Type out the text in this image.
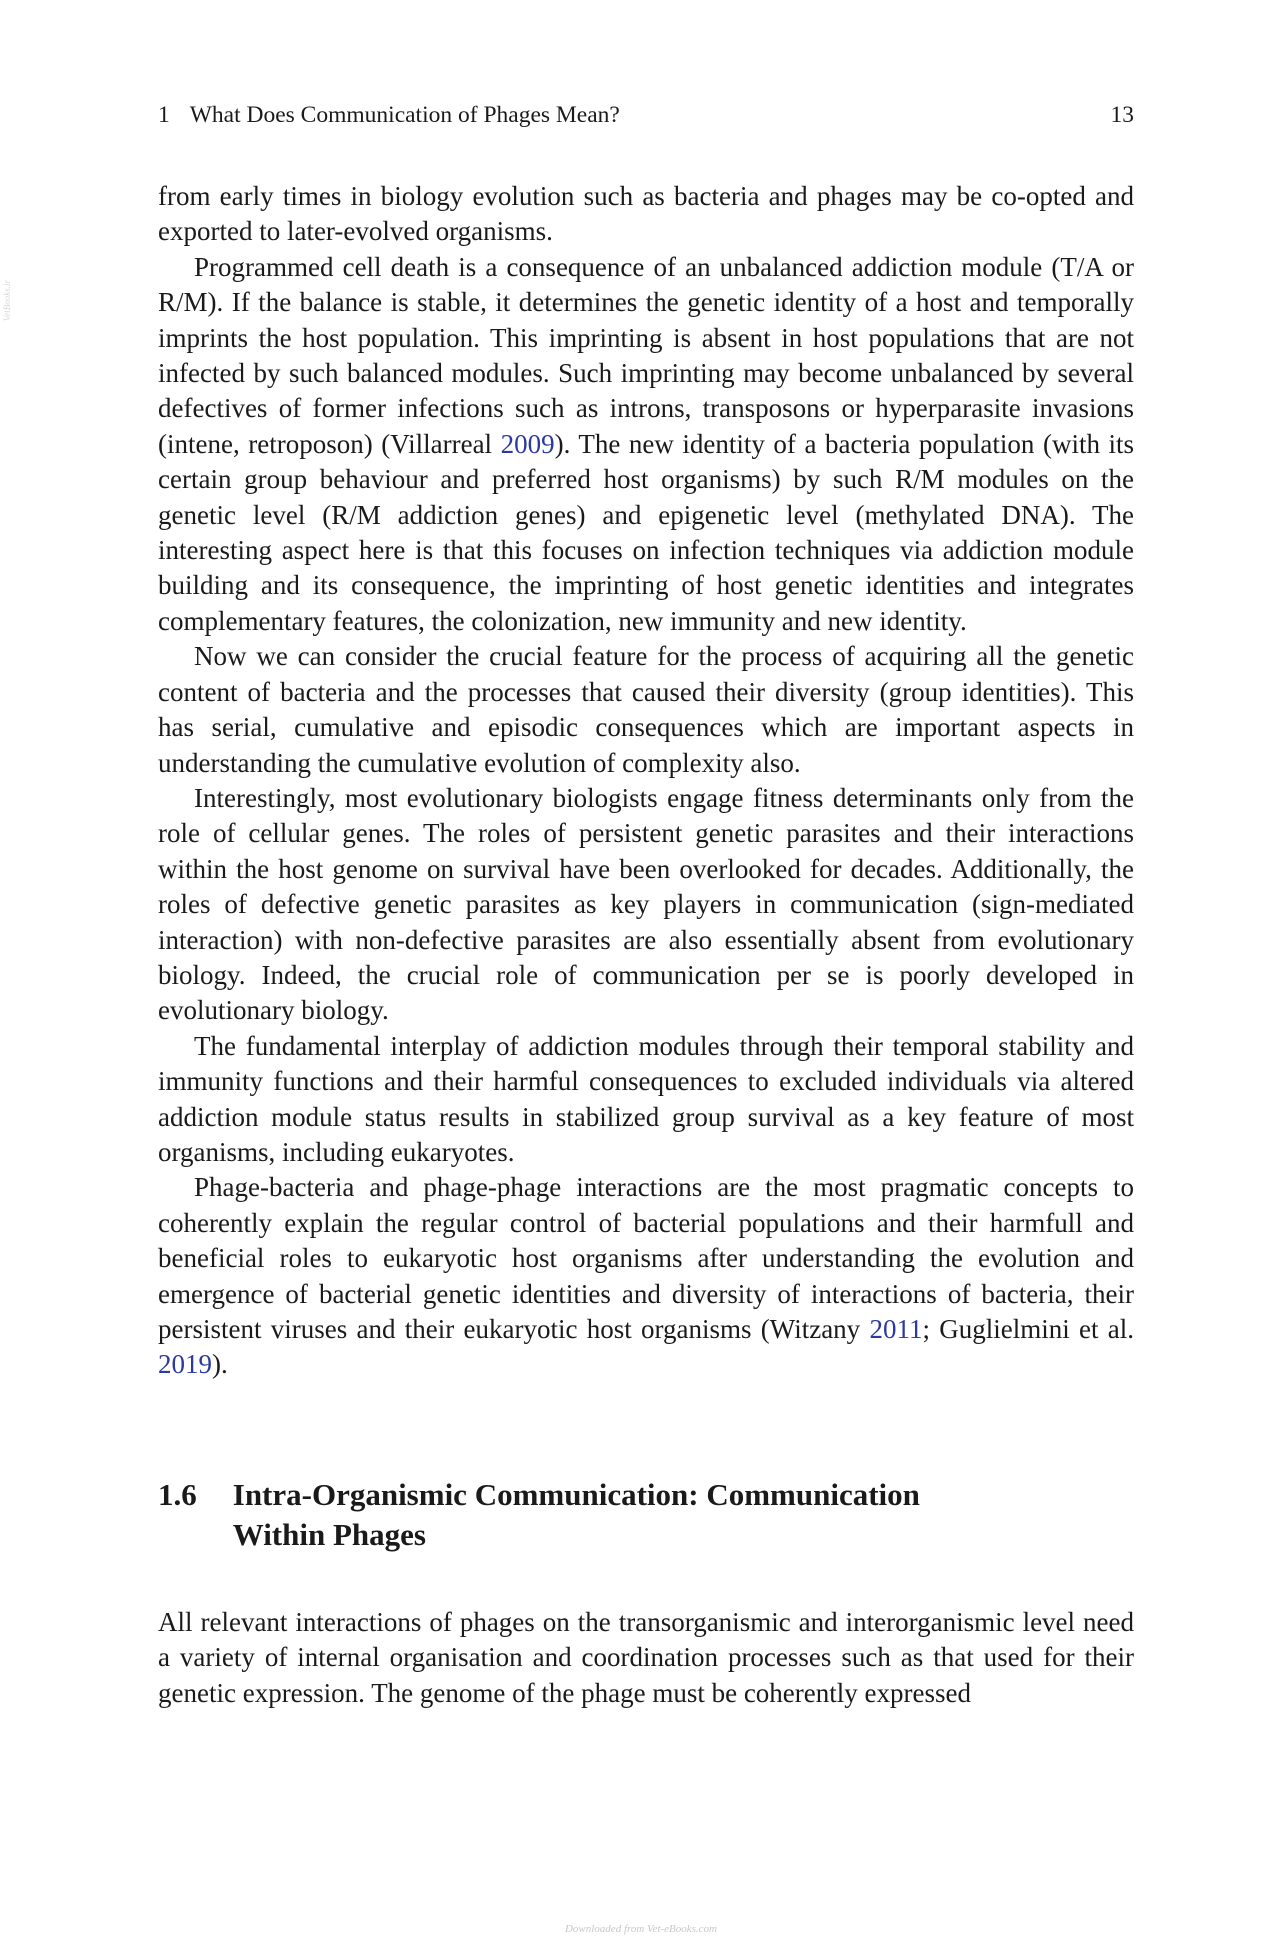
1 What Does Communication of Phages Mean?	13

from early times in biology evolution such as bacteria and phages may be co-opted and exported to later-evolved organisms.

Programmed cell death is a consequence of an unbalanced addiction module (T/A or R/M). If the balance is stable, it determines the genetic identity of a host and temporally imprints the host population. This imprinting is absent in host populations that are not infected by such balanced modules. Such imprinting may become unbalanced by several defectives of former infections such as introns, transposons or hyperparasite invasions (intene, retroposon) (Villarreal 2009). The new identity of a bacteria population (with its certain group behaviour and preferred host organisms) by such R/M modules on the genetic level (R/M addiction genes) and epigenetic level (methylated DNA). The interesting aspect here is that this focuses on infection techniques via addiction module building and its consequence, the imprinting of host genetic identities and integrates complementary features, the colonization, new immunity and new identity.

Now we can consider the crucial feature for the process of acquiring all the genetic content of bacteria and the processes that caused their diversity (group identities). This has serial, cumulative and episodic consequences which are important aspects in understanding the cumulative evolution of complexity also.

Interestingly, most evolutionary biologists engage fitness determinants only from the role of cellular genes. The roles of persistent genetic parasites and their interactions within the host genome on survival have been overlooked for decades. Additionally, the roles of defective genetic parasites as key players in communication (sign-mediated interaction) with non-defective parasites are also essentially absent from evolutionary biology. Indeed, the crucial role of communication per se is poorly developed in evolutionary biology.

The fundamental interplay of addiction modules through their temporal stability and immunity functions and their harmful consequences to excluded individuals via altered addiction module status results in stabilized group survival as a key feature of most organisms, including eukaryotes.

Phage-bacteria and phage-phage interactions are the most pragmatic concepts to coherently explain the regular control of bacterial populations and their harmfull and beneficial roles to eukaryotic host organisms after understanding the evolution and emergence of bacterial genetic identities and diversity of interactions of bacteria, their persistent viruses and their eukaryotic host organisms (Witzany 2011; Guglielmini et al. 2019).

1.6 Intra-Organismic Communication: Communication Within Phages

All relevant interactions of phages on the transorganismic and interorganismic level need a variety of internal organisation and coordination processes such as that used for their genetic expression. The genome of the phage must be coherently expressed

VetBooks.ir
Downloaded from Vet-eBooks.com
